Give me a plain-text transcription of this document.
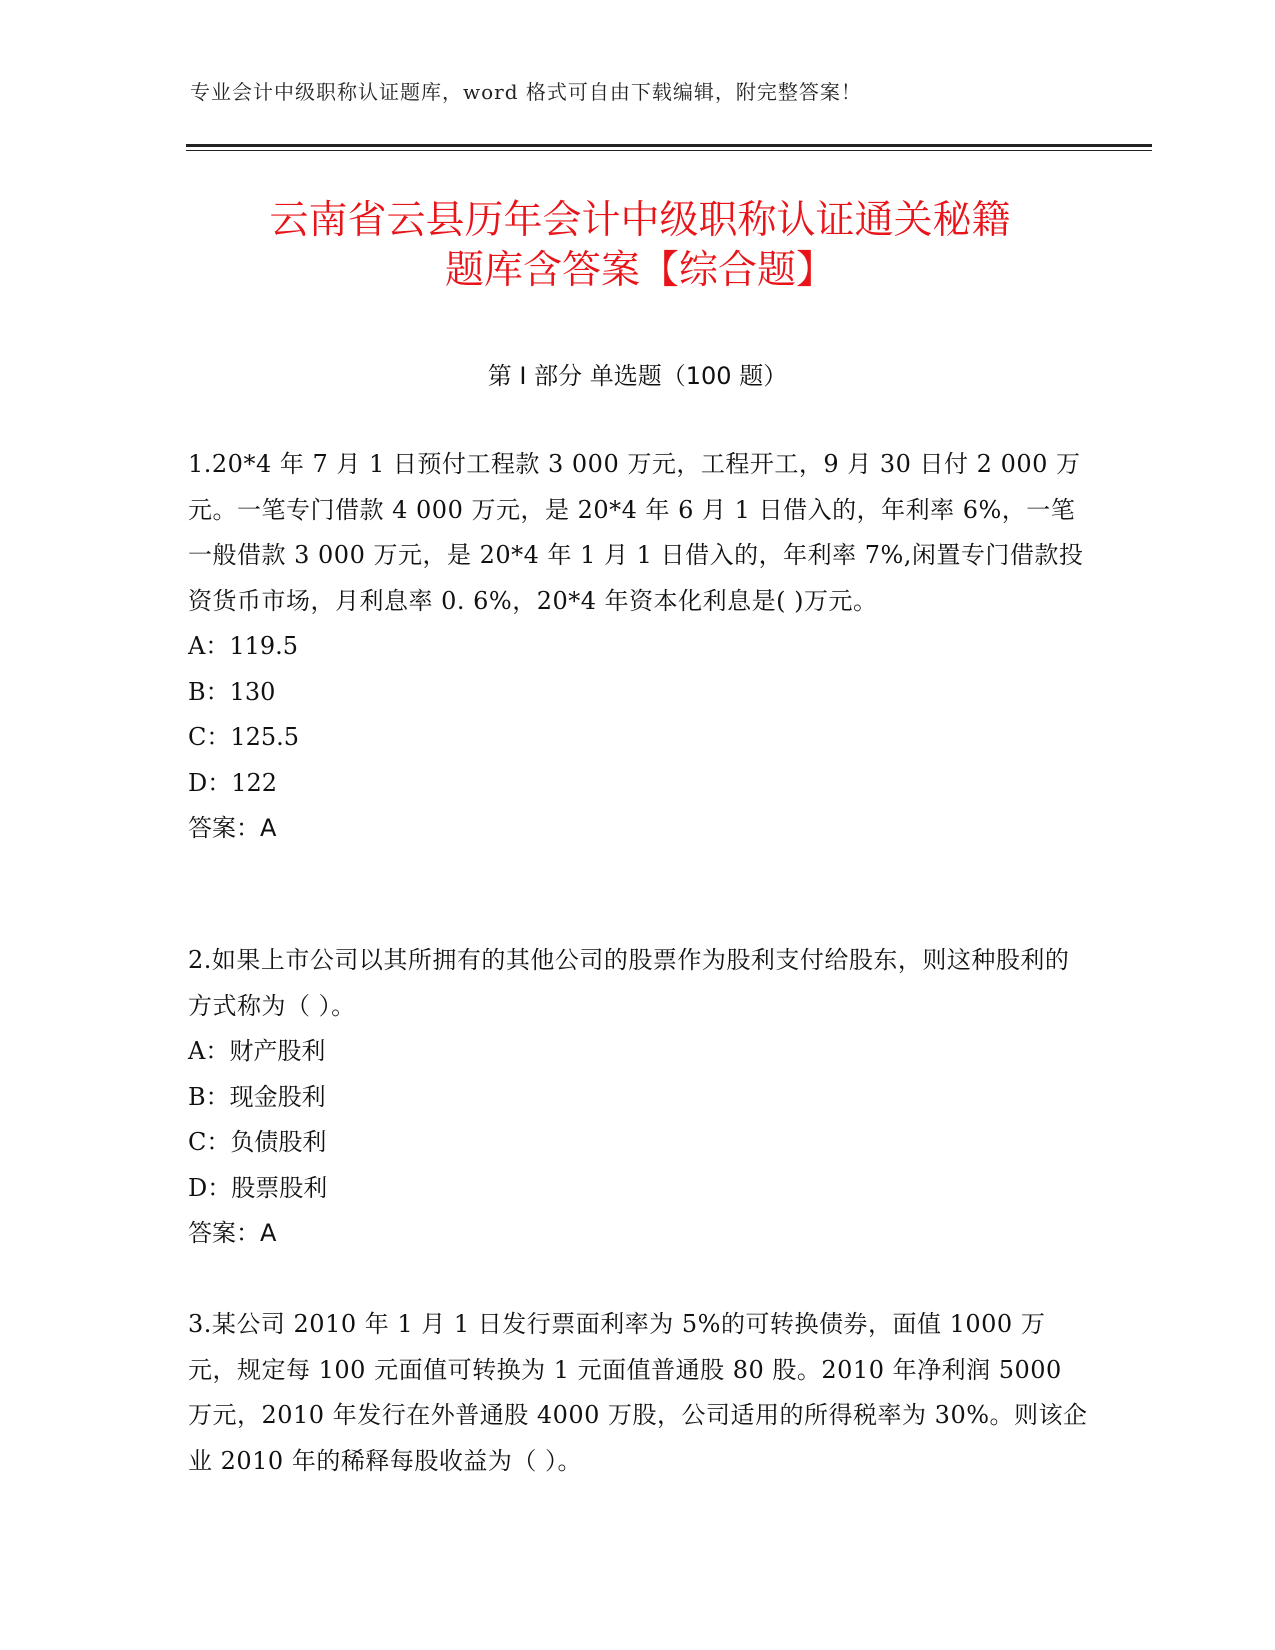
专业会计中级职称认证题库，word 格式可自由下载编辑，附完整答案！
云南省云县历年会计中级职称认证通关秘籍
题库含答案【综合题】
第 I 部分 单选题（100 题）
1.20*4 年 7 月 1 日预付工程款 3 000 万元，工程开工，9 月 30 日付 2 000 万元。一笔专门借款 4 000 万元，是 20*4 年 6 月 1 日借入的，年利率 6%，一笔一般借款 3 000 万元，是 20*4 年 1 月 1 日借入的，年利率 7%,闲置专门借款投资货币市场，月利息率 0. 6%，20*4 年资本化利息是( )万元。
A：119.5
B：130
C：125.5
D：122
答案：A
2.如果上市公司以其所拥有的其他公司的股票作为股利支付给股东，则这种股利的方式称为（ ）。
A：财产股利
B：现金股利
C：负债股利
D：股票股利
答案：A
3.某公司 2010 年 1 月 1 日发行票面利率为 5%的可转换债券，面值 1000 万元，规定每 100 元面值可转换为 1 元面值普通股 80 股。2010 年净利润 5000 万元，2010 年发行在外普通股 4000 万股，公司适用的所得税率为 30%。则该企业 2010 年的稀释每股收益为（ ）。
